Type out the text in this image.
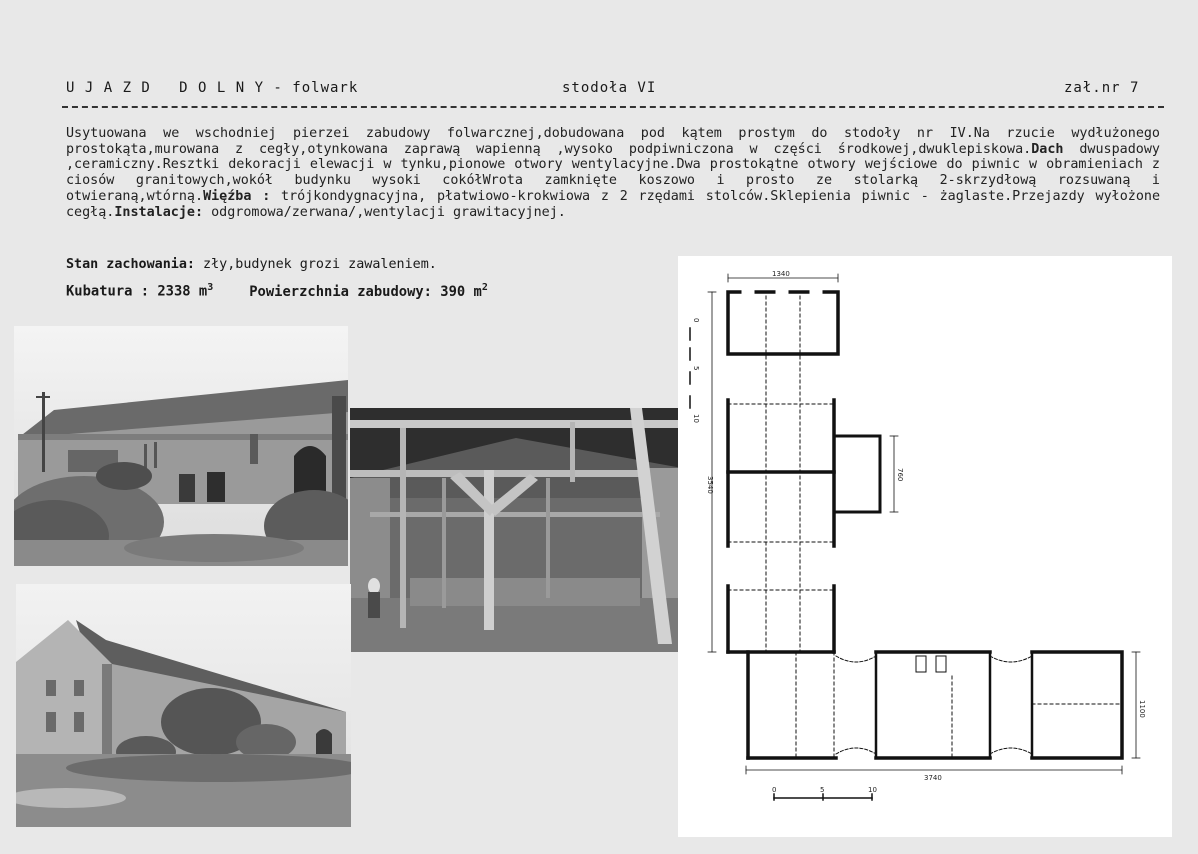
U J A Z D   D O L N Y - folwark	stodoła VI	zał.nr 7
Usytuowana we wschodniej pierzei zabudowy folwarcznej,dobudowana pod kątem prostym do stodoły nr IV.Na rzucie wydłużonego prostokąta,murowana z cegły,otynkowana zaprawą wapienną ,wysoko podpiwniczona w części środkowej,dwuklepiskowa.Dach dwuspadowy ,ceramiczny.Resztki dekoracji elewacji w tynku,pionowe otwory wentylacyjne.Dwa prostokątne otwory wejściowe do piwnic w obramieniach z ciosów granitowych,wokół budynku wysoki cokółWrota zamknięte koszowo i prosto ze stolarką 2-skrzydłową rozsuwaną i otwieraną,wtórną.Więźba : trójkondygnacyjna, płatwiowo-krokwiowa z 2 rzędami stolców.Sklepienia piwnic - żaglaste.Przejazdy wyłożone cegłą.Instalacje: odgromowa/zerwana/,wentylacji grawitacyjnej.
Stan zachowania: zły,budynek grozi zawaleniem.
Kubatura : 2338 $m^3$	Powierzchnia zabudowy: 390 $m^2$
1340
3540
760
1100
3740
0	5	10
0
5
10
